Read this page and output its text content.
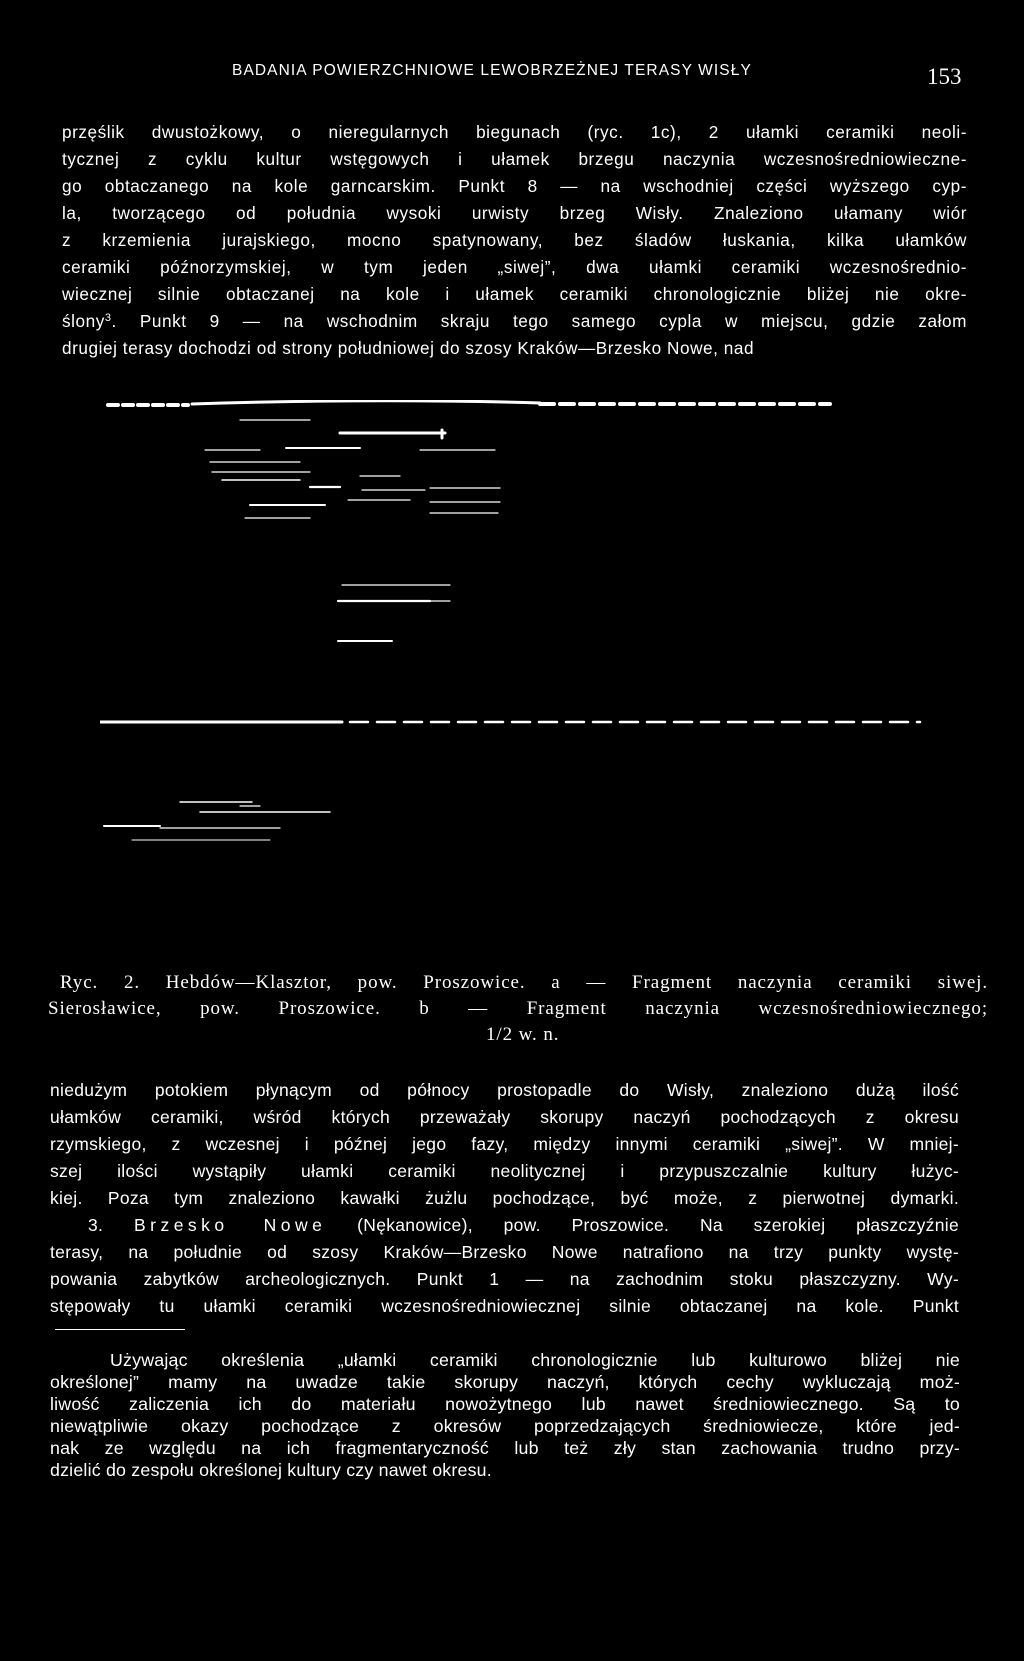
BADANIA POWIERZCHNIOWE LEWOBRZEŻNEJ TERASY WISŁY	153
przęślik dwustożkowy, o nieregularnych biegunach (ryc. 1c), 2 ułamki ceramiki neoli-
tycznej z cyklu kultur wstęgowych i ułamek brzegu naczynia wczesnośredniowieczne-
go obtaczanego na kole garncarskim. Punkt 8 — na wschodniej części wyższego cyp-
la, tworzącego od południa wysoki urwisty brzeg Wisły. Znaleziono ułamany wiór
z krzemienia jurajskiego, mocno spatynowany, bez śladów łuskania, kilka ułamków
ceramiki późnorzymskiej, w tym jeden „siwej”, dwa ułamki ceramiki wczesnośrednio-
wiecznej silnie obtaczanej na kole i ułamek ceramiki chronologicznie bliżej nie okre-
ślony$^3$. Punkt 9 — na wschodnim skraju tego samego cypla w miejscu, gdzie załom
drugiej terasy dochodzi od strony południowej do szosy Kraków—Brzesko Nowe, nad
Ryc. 2. Hebdów—Klasztor, pow. Proszowice. a — Fragment naczynia ceramiki siwej.
Sierosławice, pow. Proszowice. b — Fragment naczynia wczesnośredniowiecznego;
1/2 w. n.
niedużym potokiem płynącym od północy prostopadle do Wisły, znaleziono dużą ilość
ułamków ceramiki, wśród których przeważały skorupy naczyń pochodzących z okresu
rzymskiego, z wczesnej i późnej jego fazy, między innymi ceramiki „siwej”. W mniej-
szej ilości wystąpiły ułamki ceramiki neolitycznej i przypuszczalnie kultury łużyc-
kiej. Poza tym znaleziono kawałki żużlu pochodzące, być może, z pierwotnej dymarki.
3. Brzesko Nowe (Nękanowice), pow. Proszowice. Na szerokiej płaszczyźnie
terasy, na południe od szosy Kraków—Brzesko Nowe natrafiono na trzy punkty wystę-
powania zabytków archeologicznych. Punkt 1 — na zachodnim stoku płaszczyzny. Wy-
stępowały tu ułamki ceramiki wczesnośredniowiecznej silnie obtaczanej na kole. Punkt
Używając określenia „ułamki ceramiki chronologicznie lub kulturowo bliżej nie
określonej” mamy na uwadze takie skorupy naczyń, których cechy wykluczają moż-
liwość zaliczenia ich do materiału nowożytnego lub nawet średniowiecznego. Są to
niewątpliwie okazy pochodzące z okresów poprzedzających średniowiecze, które jed-
nak ze względu na ich fragmentaryczność lub też zły stan zachowania trudno przy-
dzielić do zespołu określonej kultury czy nawet okresu.
